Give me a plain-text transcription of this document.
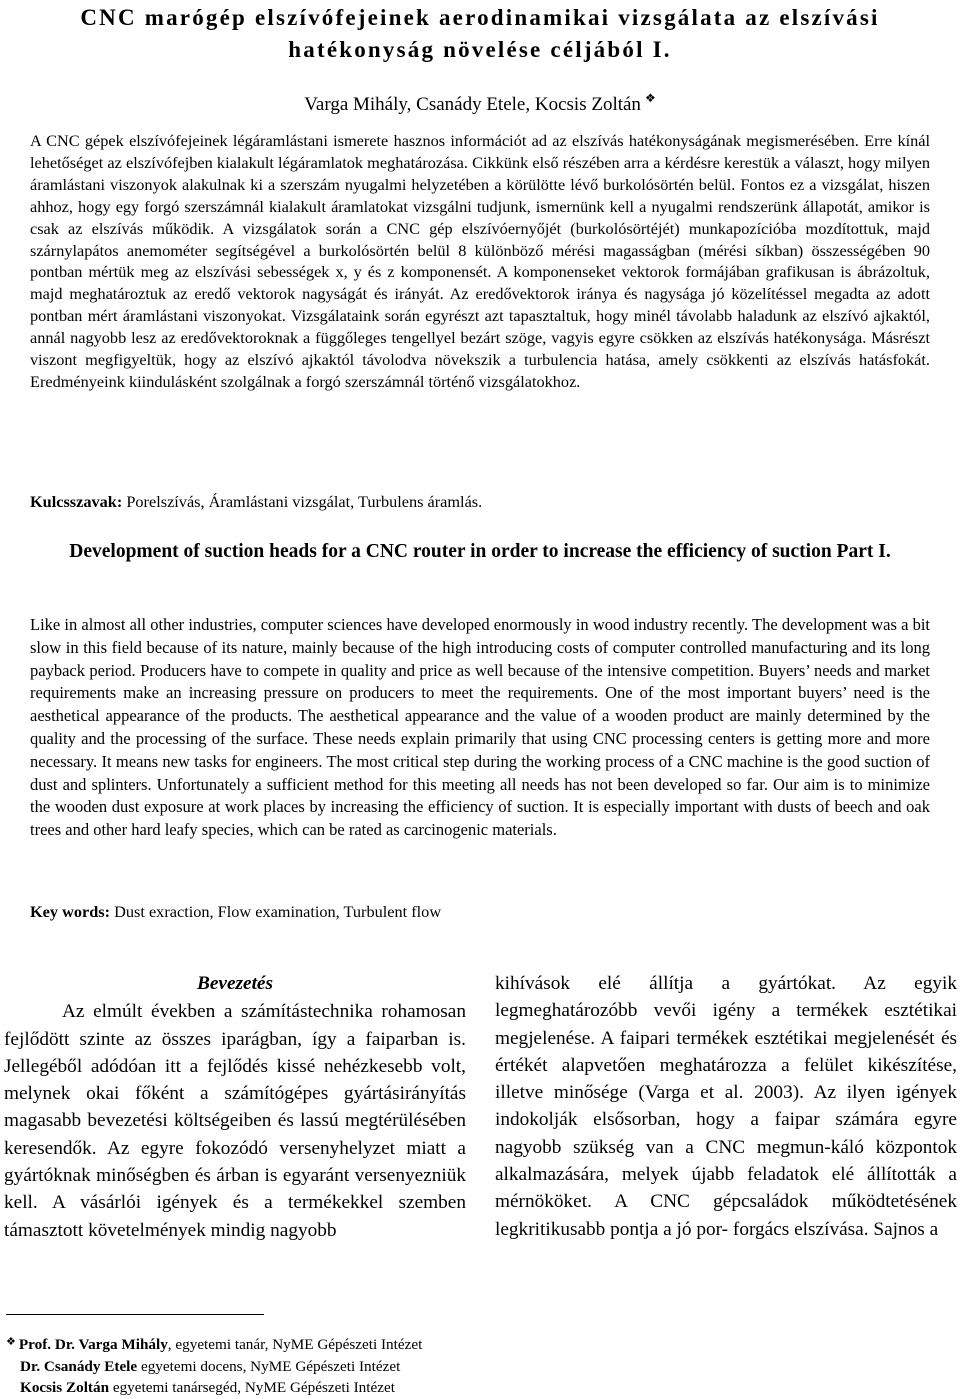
CNC marógép elszívófejeinek aerodinamikai vizsgálata az elszívási hatékonyság növelése céljából I.
Varga Mihály, Csanády Etele, Kocsis Zoltán ❖
A CNC gépek elszívófejeinek légáramlástani ismerete hasznos információt ad az elszívás hatékonyságának megismerésében. Erre kínál lehetőséget az elszívófejben kialakult légáramlatok meghatározása. Cikkünk első részében arra a kérdésre kerestük a választ, hogy milyen áramlástani viszonyok alakulnak ki a szerszám nyugalmi helyzetében a körülötte lévő burkolósörtén belül. Fontos ez a vizsgálat, hiszen ahhoz, hogy egy forgó szerszámnál kialakult áramlatokat vizsgálni tudjunk, ismernünk kell a nyugalmi rendszerünk állapotát, amikor is csak az elszívás működik. A vizsgálatok során a CNC gép elszívóernyőjét (burkolósörtéjét) munkapozícióba mozdítottuk, majd szárnylapátos anemométer segítségével a burkolósörtén belül 8 különböző mérési magasságban (mérési síkban) összességében 90 pontban mértük meg az elszívási sebességek x, y és z komponensét. A komponenseket vektorok formájában grafikusan is ábrázoltuk, majd meghatároztuk az eredő vektorok nagyságát és irányát. Az eredővektorok iránya és nagysága jó közelítéssel megadta az adott pontban mért áramlástani viszonyokat. Vizsgálataink során egyrészt azt tapasztaltuk, hogy minél távolabb haladunk az elszívó ajkaktól, annál nagyobb lesz az eredővektoroknak a függőleges tengellyel bezárt szöge, vagyis egyre csökken az elszívás hatékonysága. Másrészt viszont megfigyeltük, hogy az elszívó ajkaktól távolodva növekszik a turbulencia hatása, amely csökkenti az elszívás hatásfokát. Eredményeink kiindulásként szolgálnak a forgó szerszámnál történő vizsgálatokhoz.
Kulcsszavak: Porelszívás, Áramlástani vizsgálat, Turbulens áramlás.
Development of suction heads for a CNC router in order to increase the efficiency of suction Part I.
Like in almost all other industries, computer sciences have developed enormously in wood industry recently. The development was a bit slow in this field because of its nature, mainly because of the high introducing costs of computer controlled manufacturing and its long payback period. Producers have to compete in quality and price as well because of the intensive competition. Buyers’ needs and market requirements make an increasing pressure on producers to meet the requirements. One of the most important buyers’ need is the aesthetical appearance of the products. The aesthetical appearance and the value of a wooden product are mainly determined by the quality and the processing of the surface. These needs explain primarily that using CNC processing centers is getting more and more necessary. It means new tasks for engineers. The most critical step during the working process of a CNC machine is the good suction of dust and splinters. Unfortunately a sufficient method for this meeting all needs has not been developed so far. Our aim is to minimize the wooden dust exposure at work places by increasing the efficiency of suction. It is especially important with dusts of beech and oak trees and other hard leafy species, which can be rated as carcinogenic materials.
Key words: Dust exraction, Flow examination, Turbulent flow
Bevezetés

Az elmúlt években a számítástechnika rohamosan fejlődött szinte az összes iparágban, így a faiparban is. Jellegéből adódóan itt a fejlődés kissé nehézkesebb volt, melynek okai főként a számítógépes gyártásirányítás magasabb bevezetési költségeiben és lassú megtérülésében keresendők. Az egyre fokozódó versenyhelyzet miatt a gyártóknak minőségben és árban is egyaránt versenyezniük kell. A vásárlói igények és a termékekkel szemben támasztott követelmények mindig nagyobb

kihívások elé állítja a gyártókat. Az egyik legmeghatározóbb vevői igény a termékek esztétikai megjelenése. A faipari termékek esztétikai megjelenését és értékét alapvetően meghatározza a felület kikészítése, illetve minősége (Varga et al. 2003). Az ilyen igények indokolják elsősorban, hogy a faipar számára egyre nagyobb szükség van a CNC megmun-káló központok alkalmazására, melyek újabb feladatok elé állították a mérnököket. A CNC gépcsaládok működtetésének legkritikusabb pontja a jó por- forgács elszívása. Sajnos a

❖ Prof. Dr. Varga Mihály, egyetemi tanár, NyME Gépészeti Intézet
Dr. Csanády Etele egyetemi docens, NyME Gépészeti Intézet
Kocsis Zoltán egyetemi tanársegéd, NyME Gépészeti Intézet
